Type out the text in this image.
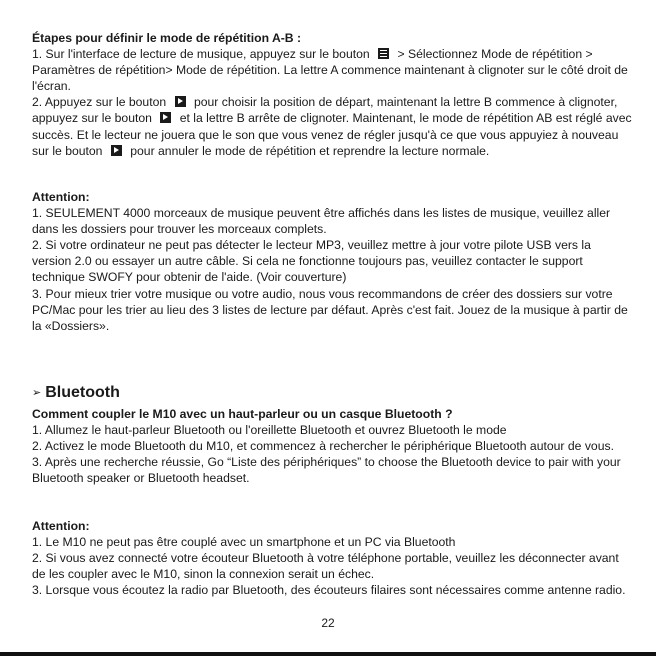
Étapes pour définir le mode de répétition A-B :

1. Sur l'interface de lecture de musique, appuyez sur le bouton > Sélectionnez Mode de répétition > Paramètres de répétition> Mode de répétition. La lettre A commence maintenant à clignoter sur le côté droit de l'écran.

2. Appuyez sur le bouton pour choisir la position de départ, maintenant la lettre B commence à clignoter, appuyez sur le bouton et la lettre B arrête de clignoter. Maintenant, le mode de répétition AB est réglé avec succès. Et le lecteur ne jouera que le son que vous venez de régler jusqu'à ce que vous appuyiez à nouveau sur le bouton pour annuler le mode de répétition et reprendre la lecture normale.

Attention:

1. SEULEMENT 4000 morceaux de musique peuvent être affichés dans les listes de musique, veuillez aller dans les dossiers pour trouver les morceaux complets.

2. Si votre ordinateur ne peut pas détecter le lecteur MP3, veuillez mettre à jour votre pilote USB vers la version 2.0 ou essayer un autre câble. Si cela ne fonctionne toujours pas, veuillez contacter le support technique SWOFY pour obtenir de l'aide. (Voir couverture)

3. Pour mieux trier votre musique ou votre audio, nous vous recommandons de créer des dossiers sur votre PC/Mac pour les trier au lieu des 3 listes de lecture par défaut. Après c'est fait. Jouez de la musique à partir de la «Dossiers».

➢ Bluetooth
Comment coupler le M10 avec un haut-parleur ou un casque Bluetooth ?

1. Allumez le haut-parleur Bluetooth ou l'oreillette Bluetooth et ouvrez Bluetooth le mode

2. Activez le mode Bluetooth du M10, et commencez à rechercher le périphérique Bluetooth autour de vous.

3. Après une recherche réussie, Go “Liste des périphériques” to choose the Bluetooth device to pair with your Bluetooth speaker or Bluetooth headset.

Attention:

1. Le M10 ne peut pas être couplé avec un smartphone et un PC via Bluetooth

2. Si vous avez connecté votre écouteur Bluetooth à votre téléphone portable, veuillez les déconnecter avant de les coupler avec le M10, sinon la connexion serait un échec.

3. Lorsque vous écoutez la radio par Bluetooth, des écouteurs filaires sont nécessaires comme antenne radio.

22
